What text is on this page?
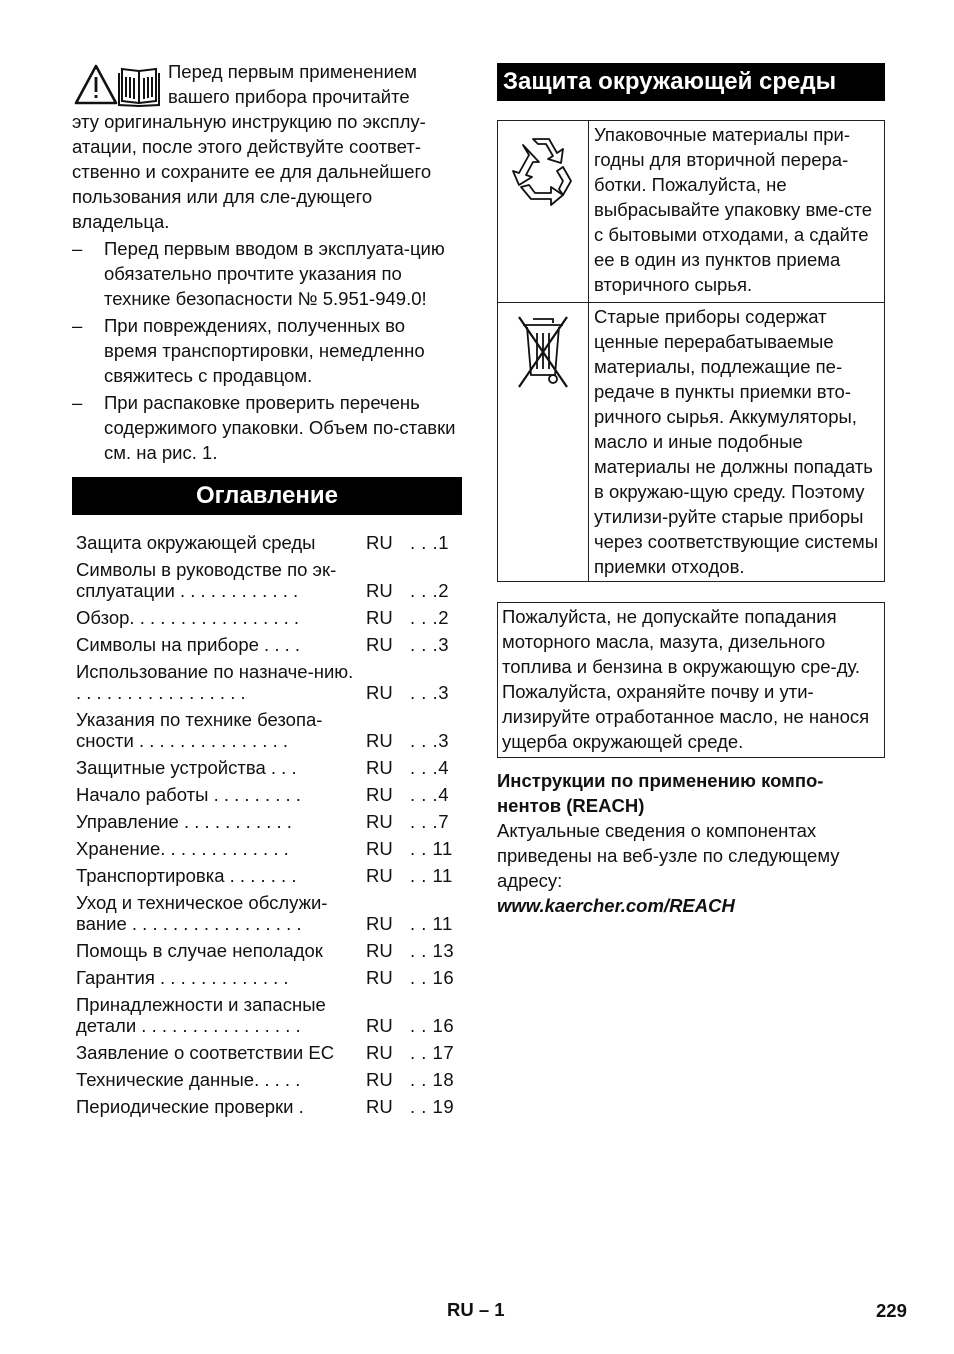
Перед первым применением
вашего прибора прочитайте
эту оригинальную инструкцию по эксплу-атации, после этого действуйте соответ-ственно и сохраните ее для дальнейшего пользования или для сле-дующего владельца.
– Перед первым вводом в эксплуата-цию обязательно прочтите указания по технике безопасности № 5.951-949.0!
– При повреждениях, полученных во время транспортировки, немедленно свяжитесь с продавцом.
– При распаковке проверить перечень содержимого упаковки. Объем по-ставки см. на рис. 1.
Оглавление
Защита окружающей среды	RU	. . .1
Символы в руководстве по эк-сплуатации . . . . . . . . . . . .	RU	. . .2
Обзор. . . . . . . . . . . . . . . . .	RU	. . .2
Символы на приборе . . . .	RU	. . .3
Использование по назначе-нию. . . . . . . . . . . . . . . . . .	RU	. . .3
Указания по технике безопа-сности . . . . . . . . . . . . . . .	RU	. . .3
Защитные устройства . . .	RU	. . .4
Начало работы . . . . . . . . .	RU	. . .4
Управление . . . . . . . . . . .	RU	. . .7
Хранение. . . . . . . . . . . . .	RU	. . 11
Транспортировка . . . . . . .	RU	. . 11
Уход и техническое обслужи-вание . . . . . . . . . . . . . . . . .	RU	. . 11
Помощь в случае неполадок	RU	. . 13
Гарантия . . . . . . . . . . . . .	RU	. . 16
Принадлежности и запасные детали . . . . . . . . . . . . . . . .	RU	. . 16
Заявление о соответствии ЕС	RU	. . 17
Технические данные. . . . .	RU	. . 18
Периодические проверки .	RU	. . 19
Защита окружающей среды
	Упаковочные материалы при-годны для вторичной перера-ботки. Пожалуйста, не выбрасывайте упаковку вме-сте с бытовыми отходами, а сдайте ее в один из пунктов приема вторичного сырья.
	Старые приборы содержат ценные перерабатываемые материалы, подлежащие пе-редаче в пункты приемки вто-ричного сырья. Аккумуляторы, масло и иные подобные материалы не должны попадать в окружаю-щую среду. Поэтому утилизи-руйте старые приборы через соответствующие системы приемки отходов.
Пожалуйста, не допускайте попадания моторного масла, мазута, дизельного топлива и бензина в окружающую сре-ду. Пожалуйста, охраняйте почву и ути-лизируйте отработанное масло, не нанося ущерба окружающей среде.
Инструкции по применению компо-нентов (REACH)
Актуальные сведения о компонентах приведены на веб-узле по следующему адресу:
www.kaercher.com/REACH
RU – 1	229
